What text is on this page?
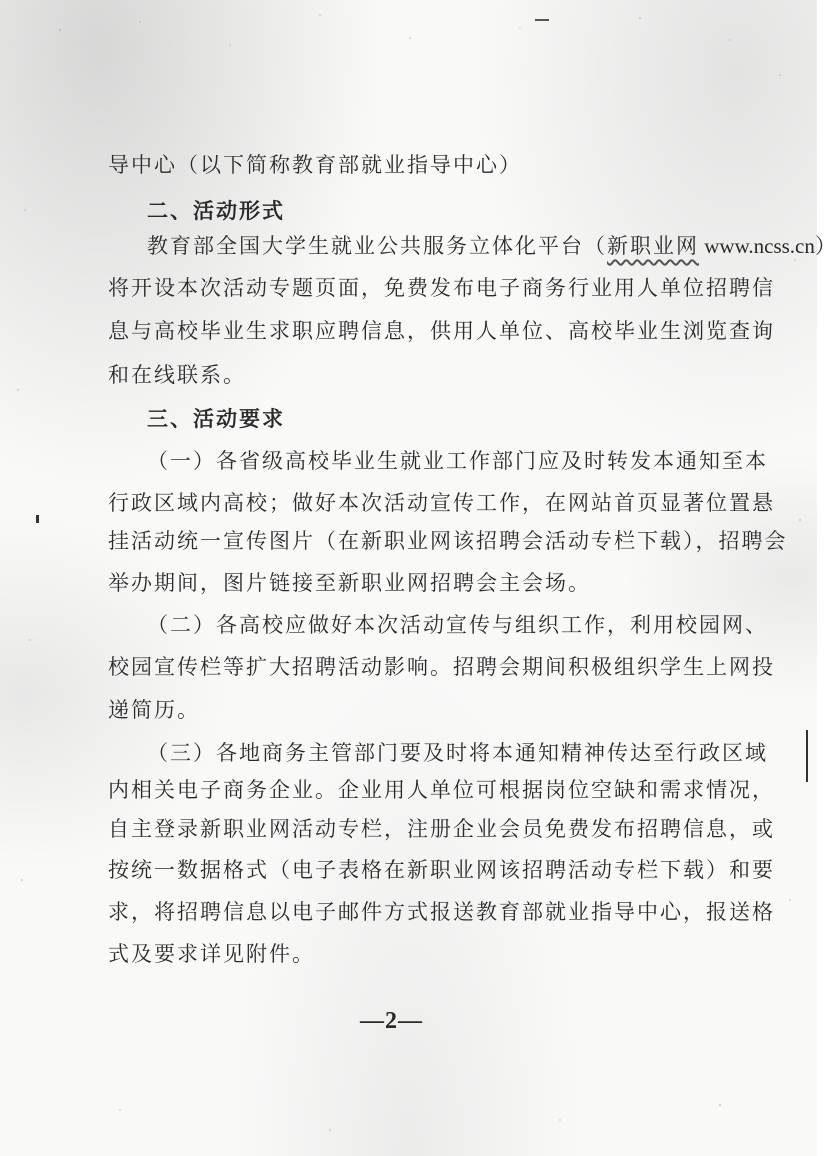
导中心（以下简称教育部就业指导中心）
二、活动形式
教育部全国大学生就业公共服务立体化平台（新职业网 www.ncss.cn）
将开设本次活动专题页面，免费发布电子商务行业用人单位招聘信
息与高校毕业生求职应聘信息，供用人单位、高校毕业生浏览查询
和在线联系。
三、活动要求
（一）各省级高校毕业生就业工作部门应及时转发本通知至本
行政区域内高校；做好本次活动宣传工作，在网站首页显著位置悬
挂活动统一宣传图片（在新职业网该招聘会活动专栏下载），招聘会
举办期间，图片链接至新职业网招聘会主会场。
（二）各高校应做好本次活动宣传与组织工作，利用校园网、
校园宣传栏等扩大招聘活动影响。招聘会期间积极组织学生上网投
递简历。
（三）各地商务主管部门要及时将本通知精神传达至行政区域
内相关电子商务企业。企业用人单位可根据岗位空缺和需求情况，
自主登录新职业网活动专栏，注册企业会员免费发布招聘信息，或
按统一数据格式（电子表格在新职业网该招聘活动专栏下载）和要
求，将招聘信息以电子邮件方式报送教育部就业指导中心，报送格
式及要求详见附件。
—2—
